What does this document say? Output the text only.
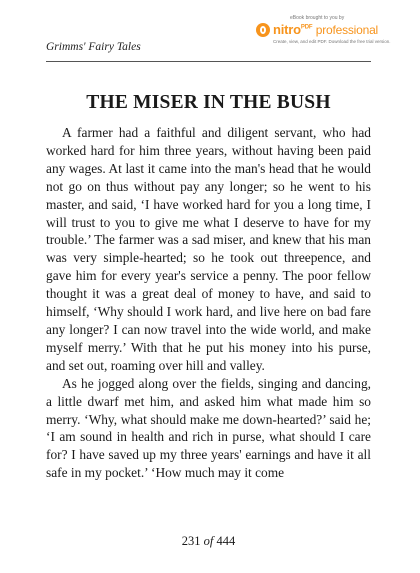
Grimms' Fairy Tales
eBook brought to you by
nitro$^{PDF}$ professional
Create, view, and edit PDF. Download the free trial version.
THE MISER IN THE BUSH

A farmer had a faithful and diligent servant, who had worked hard for him three years, without having been paid any wages. At last it came into the man's head that he would not go on thus without pay any longer; so he went to his master, and said, ‘I have worked hard for you a long time, I will trust to you to give me what I deserve to have for my trouble.’ The farmer was a sad miser, and knew that his man was very simple-hearted; so he took out threepence, and gave him for every year's service a penny. The poor fellow thought it was a great deal of money to have, and said to himself, ‘Why should I work hard, and live here on bad fare any longer? I can now travel into the wide world, and make myself merry.’ With that he put his money into his purse, and set out, roaming over hill and valley.

As he jogged along over the fields, singing and dancing, a little dwarf met him, and asked him what made him so merry. ‘Why, what should make me down-hearted?’ said he; ‘I am sound in health and rich in purse, what should I care for? I have saved up my three years' earnings and have it all safe in my pocket.’ ‘How much may it come

231 of 444
